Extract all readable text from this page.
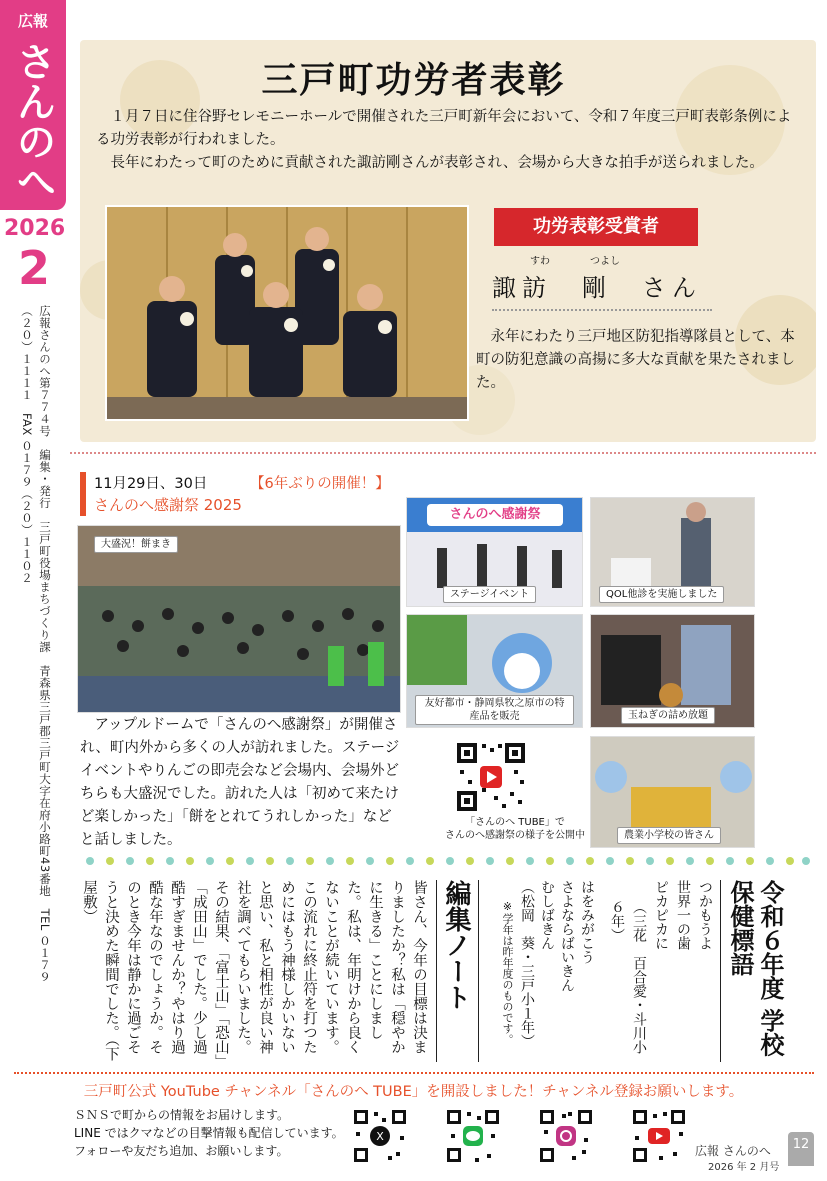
広報
さんのへ
2026
2
広報さんのへ第７７４号　編集・発行　三戸町役場まちづくり課　青森県三戸郡三戸町大字在府小路町43番地　TEL ０１７９（２０）１１１１　FAX ０１７９（２０）１１０２
三戸町功労者表彰
１月７日に住谷野セレモニーホールで開催された三戸町新年会において、令和７年度三戸町表彰条例による功労表彰が行われました。
長年にわたって町のために貢献された諏訪剛さんが表彰され、会場から大きな拍手が送られました。
功労表彰受賞者
すわ	つよし
諏訪　剛　さん
永年にわたり三戸地区防犯指導隊員として、本町の防犯意識の高揚に多大な貢献を果たされました。
11月29日、30日	【6年ぶりの開催！】
さんのへ感謝祭 2025
大盛況！餅まき
さんのへ感謝祭
ステージイベント	QOL他診を実施しました
友好都市・静岡県牧之原市の特産品を販売	玉ねぎの詰め放題
農業小学校の皆さん
アップルドームで「さんのへ感謝祭」が開催され、町内外から多くの人が訪れました。ステージイベントやりんごの即売会など会場内、会場外どちらも大盛況でした。訪れた人は「初めて来たけど楽しかった」「餅をとれてうれしかった」などと話しました。
「さんのへ TUBE」で
さんのへ感謝祭の様子を公開中
令和６年度 学校保健標語
つかもうよ
世界一の歯
ピカピカに
（三花　百合愛・斗川小６年）
はをみがこう
さよならばいきん
むしばきん
（松岡　葵・三戸小１年）
※学年は昨年度のものです。
編集ノート
皆さん、今年の目標は決まりましたか？私は「穏やかに生きる」ことにしました。私は、年明けから良くないことが続いています。この流れに終止符を打つためにはもう神様しかいないと思い、私と相性が良い神社を調べてもらいました。その結果、「富士山」「恐山」「成田山」でした。少し過酷すぎませんか？やはり過酷な年なのでしょうか。そのとき今年は静かに過ごそうと決めた瞬間でした。（下屋敷）
三戸町公式 YouTube チャンネル「さんのへ TUBE」を開設しました！チャンネル登録お願いします。
ＳＮＳで町からの情報をお届けします。
LINE ではクマなどの目撃情報も配信しています。
フォローや友だち追加、お願いします。
X
広報 さんのへ
2026 年 2 月号
12
